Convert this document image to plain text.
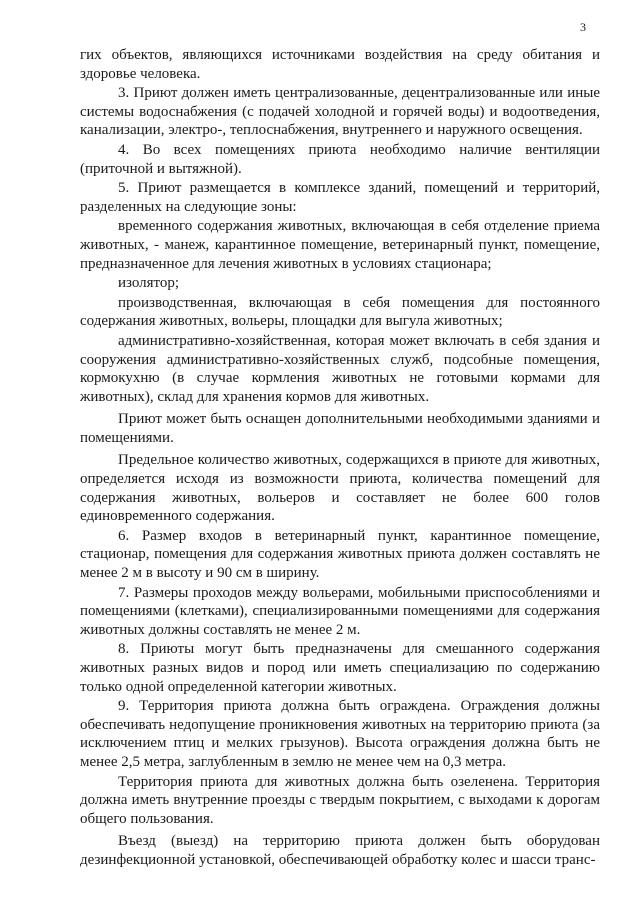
3

гих объектов, являющихся источниками воздействия на среду обитания и здоровье человека.

3. Приют должен иметь централизованные, децентрализованные или иные системы водоснабжения (с подачей холодной и горячей воды) и водоотведения, канализации, электро-, теплоснабжения, внутреннего и наружного освещения.

4. Во всех помещениях приюта необходимо наличие вентиляции (приточной и вытяжной).

5. Приют размещается в комплексе зданий, помещений и территорий, разделенных на следующие зоны:

временного содержания животных, включающая в себя отделение приема животных, - манеж, карантинное помещение, ветеринарный пункт, помещение, предназначенное для лечения животных в условиях стационара;

изолятор;

производственная, включающая в себя помещения для постоянного содержания животных, вольеры, площадки для выгула животных;

административно-хозяйственная, которая может включать в себя здания и сооружения административно-хозяйственных служб, подсобные помещения, кормокухню (в случае кормления животных не готовыми кормами для животных), склад для хранения кормов для животных.

Приют может быть оснащен дополнительными необходимыми зданиями и помещениями.

Предельное количество животных, содержащихся в приюте для животных, определяется исходя из возможности приюта, количества помещений для содержания животных, вольеров и составляет не более 600 голов единовременного содержания.

6. Размер входов в ветеринарный пункт, карантинное помещение, стационар, помещения для содержания животных приюта должен составлять не менее 2 м в высоту и 90 см в ширину.

7. Размеры проходов между вольерами, мобильными приспособлениями и помещениями (клетками), специализированными помещениями для содержания животных должны составлять не менее 2 м.

8. Приюты могут быть предназначены для смешанного содержания животных разных видов и пород или иметь специализацию по содержанию только одной определенной категории животных.

9. Территория приюта должна быть ограждена. Ограждения должны обеспечивать недопущение проникновения животных на территорию приюта (за исключением птиц и мелких грызунов). Высота ограждения должна быть не менее 2,5 метра, заглубленным в землю не менее чем на 0,3 метра.

Территория приюта для животных должна быть озеленена. Территория должна иметь внутренние проезды с твердым покрытием, с выходами к дорогам общего пользования.

Въезд (выезд) на территорию приюта должен быть оборудован дезинфекционной установкой, обеспечивающей обработку колес и шасси транс-
